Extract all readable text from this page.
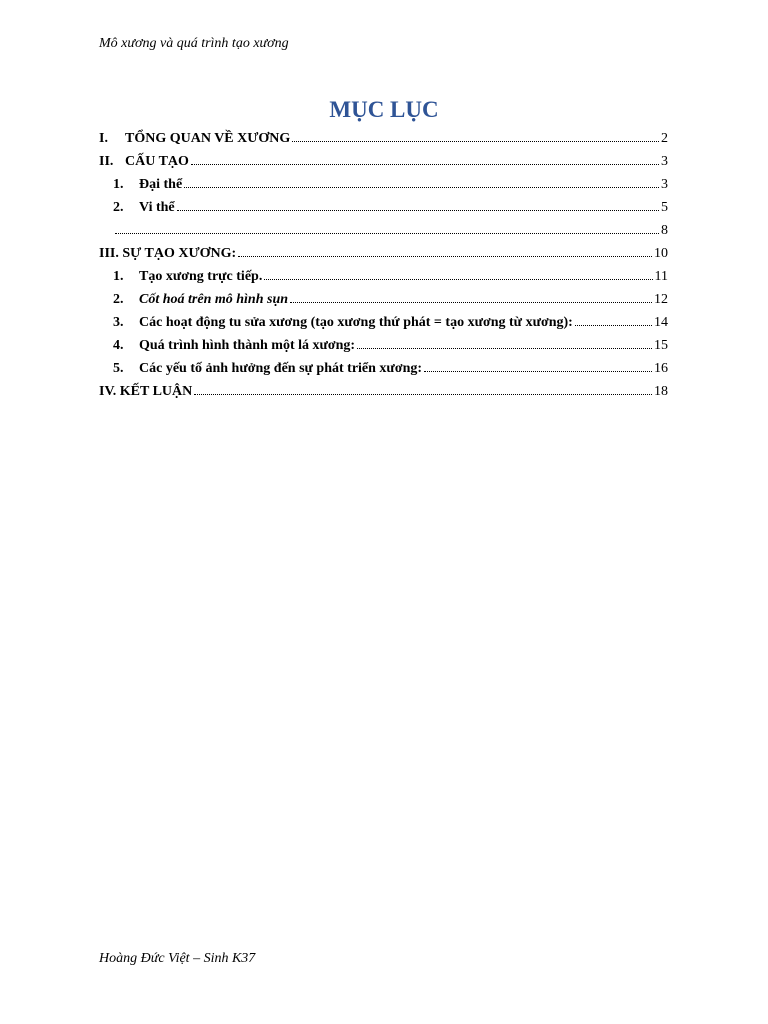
Mô xương và quá trình tạo xương
MỤC LỤC
I.	TỔNG QUAN VỀ XƯƠNG	2
II. CẤU TẠO	3
1.	Đại thể	3
2.	Vi thể	5
8
III. SỰ TẠO XƯƠNG:	10
1.	Tạo xương trực tiếp.	11
2.	Cốt hoá trên mô hình sụn	12
3.	Các hoạt động tu sửa xương (tạo xương thứ phát = tạo xương từ xương):	14
4.	Quá trình hình thành một lá xương:	15
5.	Các yếu tố ảnh hưởng đến sự phát triển xương:	16
IV. KẾT LUẬN	18
Hoàng Đức Việt – Sinh K37
